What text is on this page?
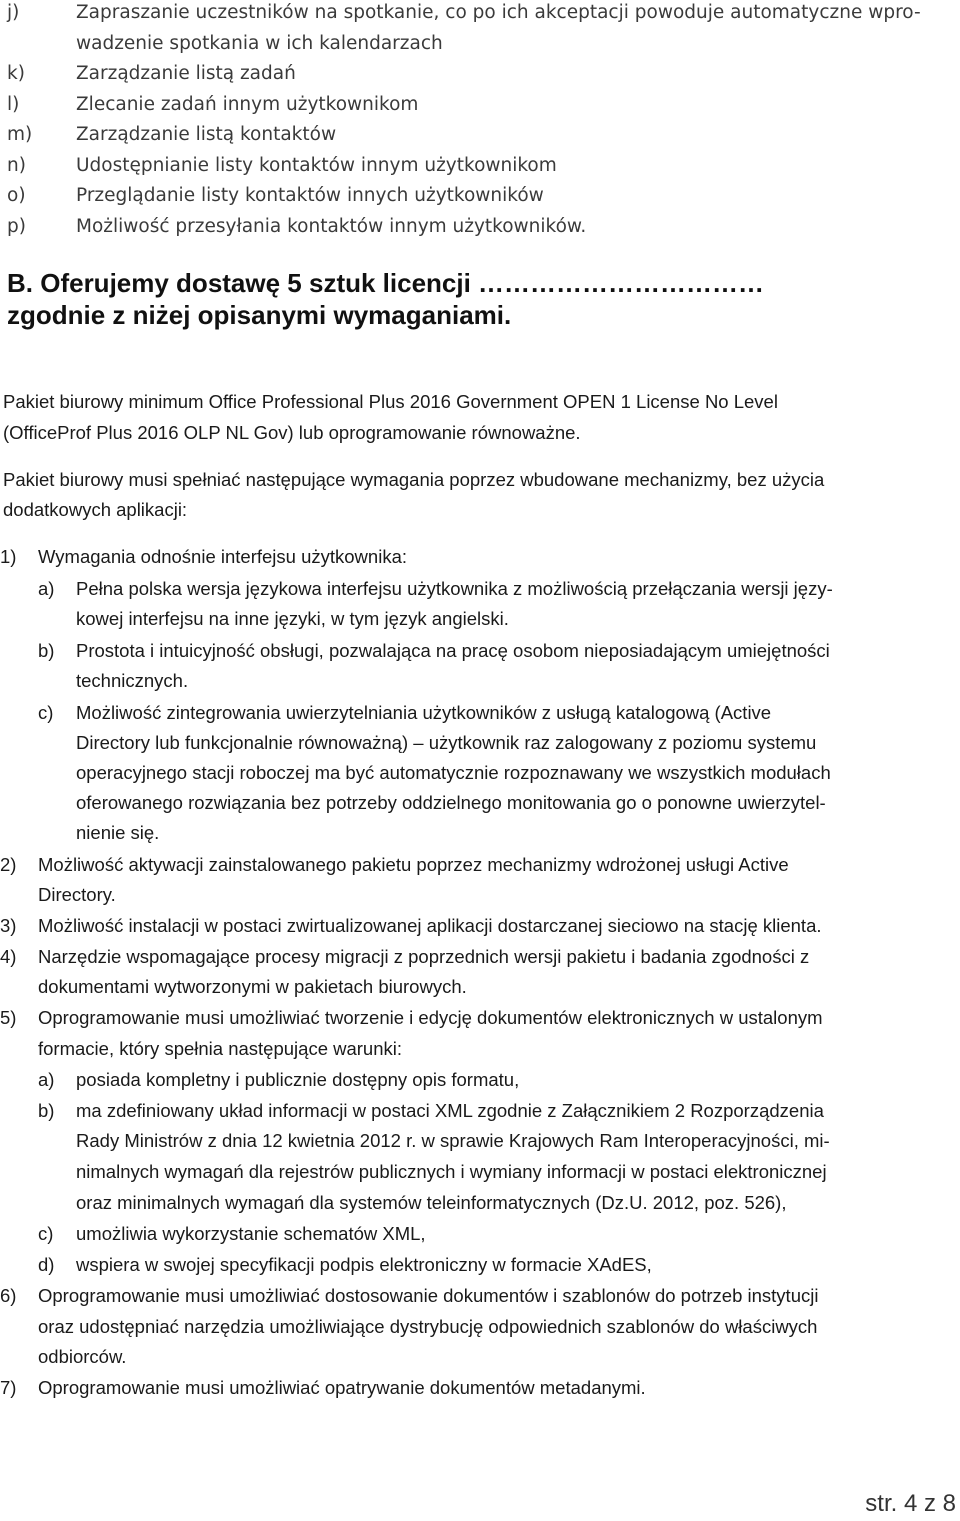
j)	Zapraszanie uczestników na spotkanie, co po ich akceptacji powoduje automatyczne wpro-
wadzenie spotkania w ich kalendarzach
k)	Zarządzanie listą zadań
l)	Zlecanie zadań innym użytkownikom
m) Zarządzanie listą kontaktów
n)	Udostępnianie listy kontaktów innym użytkownikom
o)	Przeglądanie listy kontaktów innych użytkowników
p)	Możliwość przesyłania kontaktów innym użytkowników.
B. Oferujemy dostawę 5 sztuk licencji ……………………………
zgodnie z niżej opisanymi wymaganiami.
Pakiet biurowy minimum Office Professional Plus 2016 Government OPEN 1 License No Level
(OfficeProf Plus 2016 OLP NL Gov) lub oprogramowanie równoważne.
Pakiet biurowy musi spełniać następujące wymagania poprzez wbudowane mechanizmy, bez użycia
dodatkowych aplikacji:
1) Wymagania odnośnie interfejsu użytkownika:
a) Pełna polska wersja językowa interfejsu użytkownika z możliwością przełączania wersji języ-
kowej interfejsu na inne języki, w tym język angielski.
b) Prostota i intuicyjność obsługi, pozwalająca na pracę osobom nieposiadającym umiejętności
technicznych.
c) Możliwość zintegrowania uwierzytelniania użytkowników z usługą katalogową (Active
Directory lub funkcjonalnie równoważną) – użytkownik raz zalogowany z poziomu systemu
operacyjnego stacji roboczej ma być automatycznie rozpoznawany we wszystkich modułach
oferowanego rozwiązania bez potrzeby oddzielnego monitowania go o ponowne uwierzytel-
nienie się.
2) Możliwość aktywacji zainstalowanego pakietu poprzez mechanizmy wdrożonej usługi Active
Directory.
3) Możliwość instalacji w postaci zwirtualizowanej aplikacji dostarczanej sieciowo na stację klienta.
4) Narzędzie wspomagające procesy migracji z poprzednich wersji pakietu i badania zgodności z
dokumentami wytworzonymi w pakietach biurowych.
5) Oprogramowanie musi umożliwiać tworzenie i edycję dokumentów elektronicznych w ustalonym
formacie, który spełnia następujące warunki:
a) posiada kompletny i publicznie dostępny opis formatu,
b) ma zdefiniowany układ informacji w postaci XML zgodnie z Załącznikiem 2 Rozporządzenia
Rady Ministrów z dnia 12 kwietnia 2012 r. w sprawie Krajowych Ram Interoperacyjności, mi-
nimalnych wymagań dla rejestrów publicznych i wymiany informacji w postaci elektronicznej
oraz minimalnych wymagań dla systemów teleinformatycznych (Dz.U. 2012, poz. 526),
c) umożliwia wykorzystanie schematów XML,
d) wspiera w swojej specyfikacji podpis elektroniczny w formacie XAdES,
6) Oprogramowanie musi umożliwiać dostosowanie dokumentów i szablonów do potrzeb instytucji
oraz udostępniać narzędzia umożliwiające dystrybucję odpowiednich szablonów do właściwych
odbiorców.
7) Oprogramowanie musi umożliwiać opatrywanie dokumentów metadanymi.
str. 4 z 8
